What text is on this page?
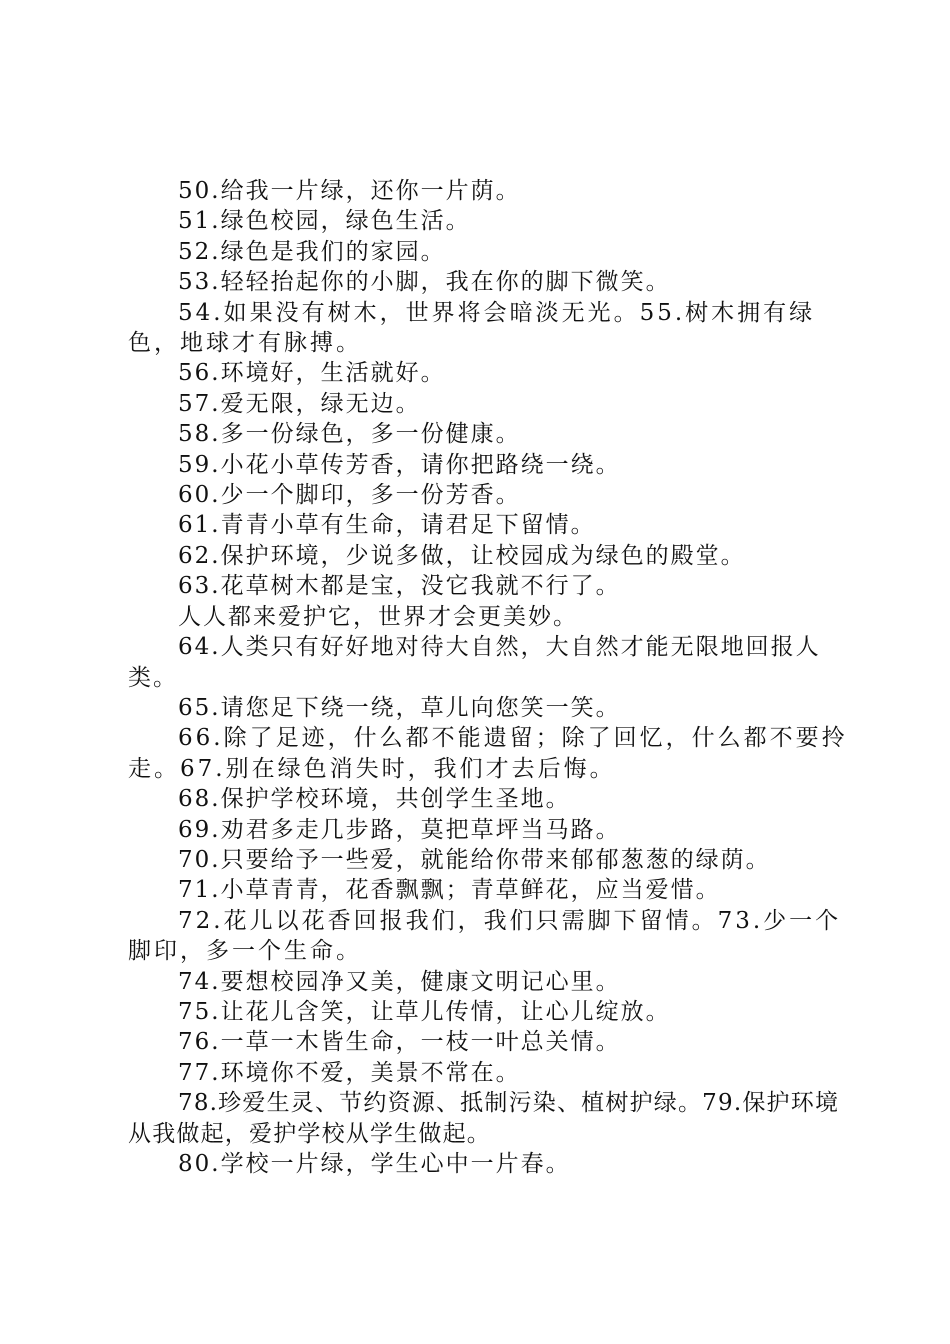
50.给我一片绿，还你一片荫。

51.绿色校园，绿色生活。

52.绿色是我们的家园。

53.轻轻抬起你的小脚，我在你的脚下微笑。

54.如果没有树木，世界将会暗淡无光。55.树木拥有绿色，地球才有脉搏。

56.环境好，生活就好。

57.爱无限，绿无边。

58.多一份绿色，多一份健康。

59.小花小草传芳香，请你把路绕一绕。

60.少一个脚印，多一份芳香。

61.青青小草有生命，请君足下留情。

62.保护环境，少说多做，让校园成为绿色的殿堂。

63.花草树木都是宝，没它我就不行了。

人人都来爱护它，世界才会更美妙。

64.人类只有好好地对待大自然，大自然才能无限地回报人类。

65.请您足下绕一绕，草儿向您笑一笑。

66.除了足迹，什么都不能遗留；除了回忆，什么都不要拎走。67.别在绿色消失时，我们才去后悔。

68.保护学校环境，共创学生圣地。

69.劝君多走几步路，莫把草坪当马路。

70.只要给予一些爱，就能给你带来郁郁葱葱的绿荫。

71.小草青青，花香飘飘；青草鲜花，应当爱惜。

72.花儿以花香回报我们，我们只需脚下留情。73.少一个脚印，多一个生命。

74.要想校园净又美，健康文明记心里。

75.让花儿含笑，让草儿传情，让心儿绽放。

76.一草一木皆生命，一枝一叶总关情。

77.环境你不爱，美景不常在。

78.珍爱生灵、节约资源、抵制污染、植树护绿。79.保护环境从我做起，爱护学校从学生做起。

80.学校一片绿，学生心中一片春。
